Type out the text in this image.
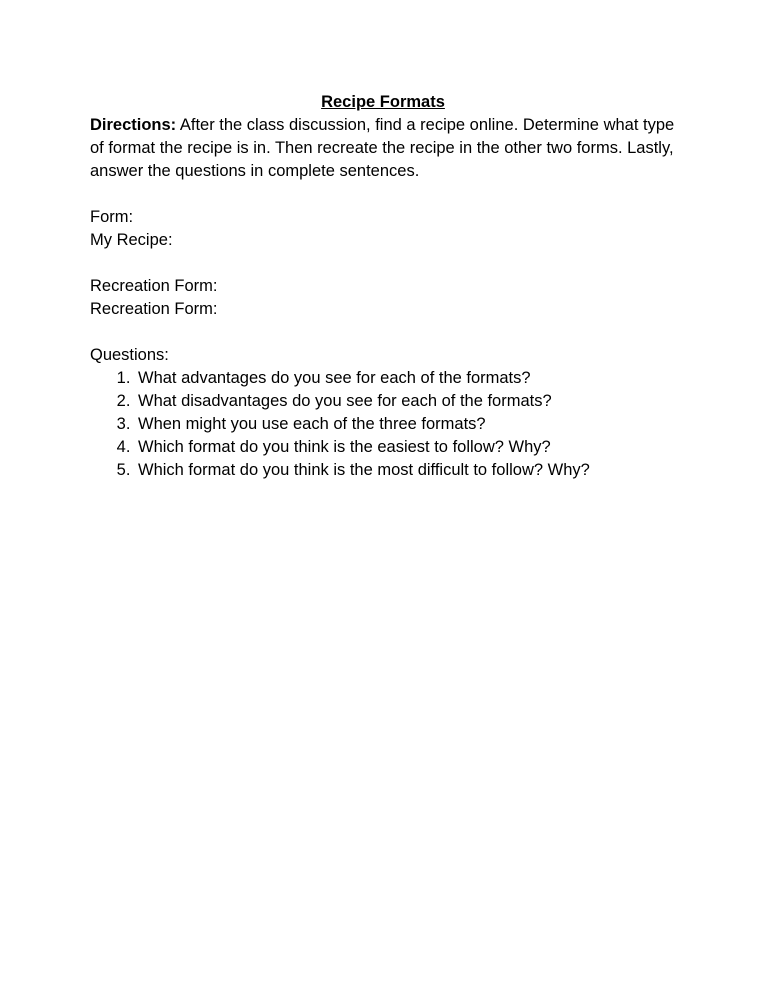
Recipe Formats

Directions: After the class discussion, find a recipe online. Determine what type of format the recipe is in. Then recreate the recipe in the other two forms. Lastly, answer the questions in complete sentences.

Form:

My Recipe:

Recreation Form:

Recreation Form:

Questions:

1. What advantages do you see for each of the formats?
2. What disadvantages do you see for each of the formats?
3. When might you use each of the three formats?
4. Which format do you think is the easiest to follow? Why?
5. Which format do you think is the most difficult to follow? Why?
